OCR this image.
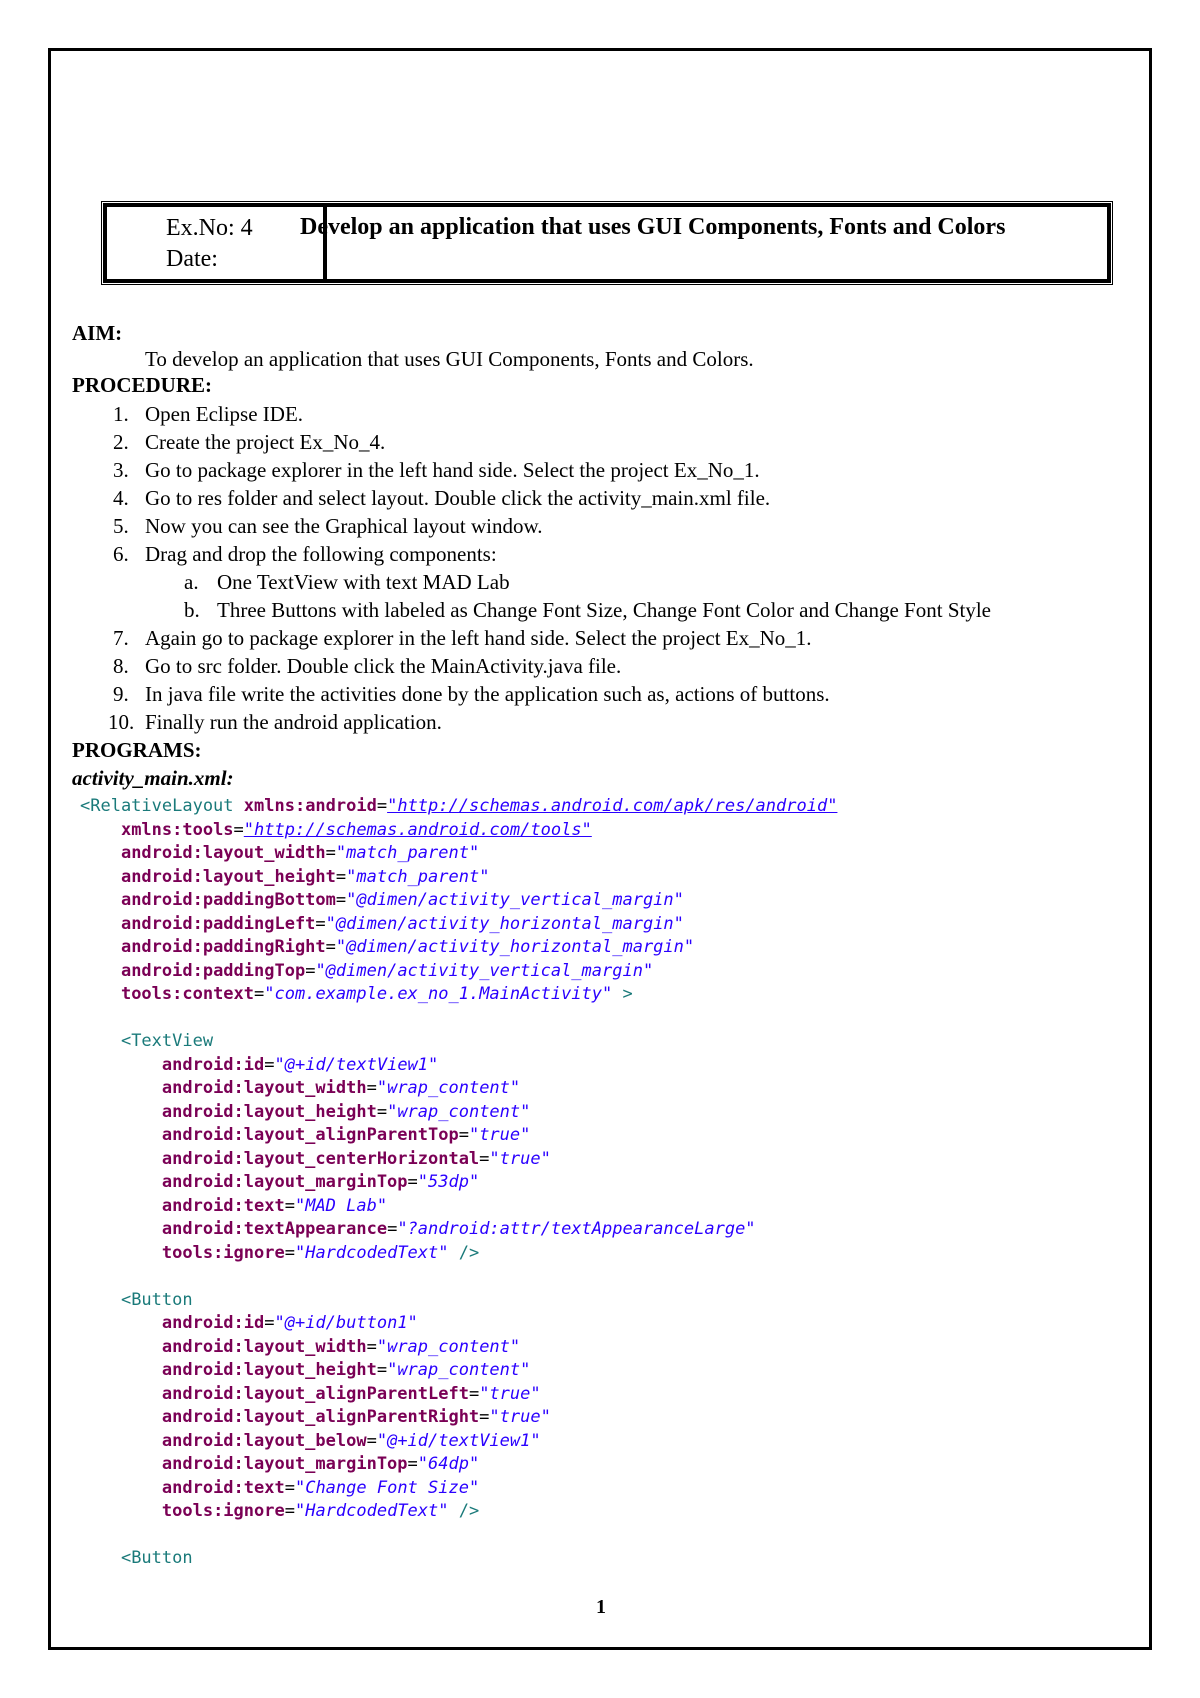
Ex.No: 4
Date:
Develop an application that uses GUI Components, Fonts and Colors
AIM:
To develop an application that uses GUI Components, Fonts and Colors.
PROCEDURE:
1. Open Eclipse IDE.
2. Create the project Ex_No_4.
3. Go to package explorer in the left hand side. Select the project Ex_No_1.
4. Go to res folder and select layout. Double click the activity_main.xml file.
5. Now you can see the Graphical layout window.
6. Drag and drop the following components:
a. One TextView with text MAD Lab
b. Three Buttons with labeled as Change Font Size, Change Font Color and Change Font Style
7. Again go to package explorer in the left hand side. Select the project Ex_No_1.
8. Go to src folder. Double click the MainActivity.java file.
9. In java file write the activities done by the application such as, actions of buttons.
10. Finally run the android application.
PROGRAMS:
activity_main.xml:
<RelativeLayout xmlns:android="http://schemas.android.com/apk/res/android"
xmlns:tools="http://schemas.android.com/tools"
android:layout_width="match_parent"
android:layout_height="match_parent"
android:paddingBottom="@dimen/activity_vertical_margin"
android:paddingLeft="@dimen/activity_horizontal_margin"
android:paddingRight="@dimen/activity_horizontal_margin"
android:paddingTop="@dimen/activity_vertical_margin"
tools:context="com.example.ex_no_1.MainActivity" >

<TextView
android:id="@+id/textView1"
android:layout_width="wrap_content"
android:layout_height="wrap_content"
android:layout_alignParentTop="true"
android:layout_centerHorizontal="true"
android:layout_marginTop="53dp"
android:text="MAD Lab"
android:textAppearance="?android:attr/textAppearanceLarge"
tools:ignore="HardcodedText" />

<Button
android:id="@+id/button1"
android:layout_width="wrap_content"
android:layout_height="wrap_content"
android:layout_alignParentLeft="true"
android:layout_alignParentRight="true"
android:layout_below="@+id/textView1"
android:layout_marginTop="64dp"
android:text="Change Font Size"
tools:ignore="HardcodedText" />

<Button
1
